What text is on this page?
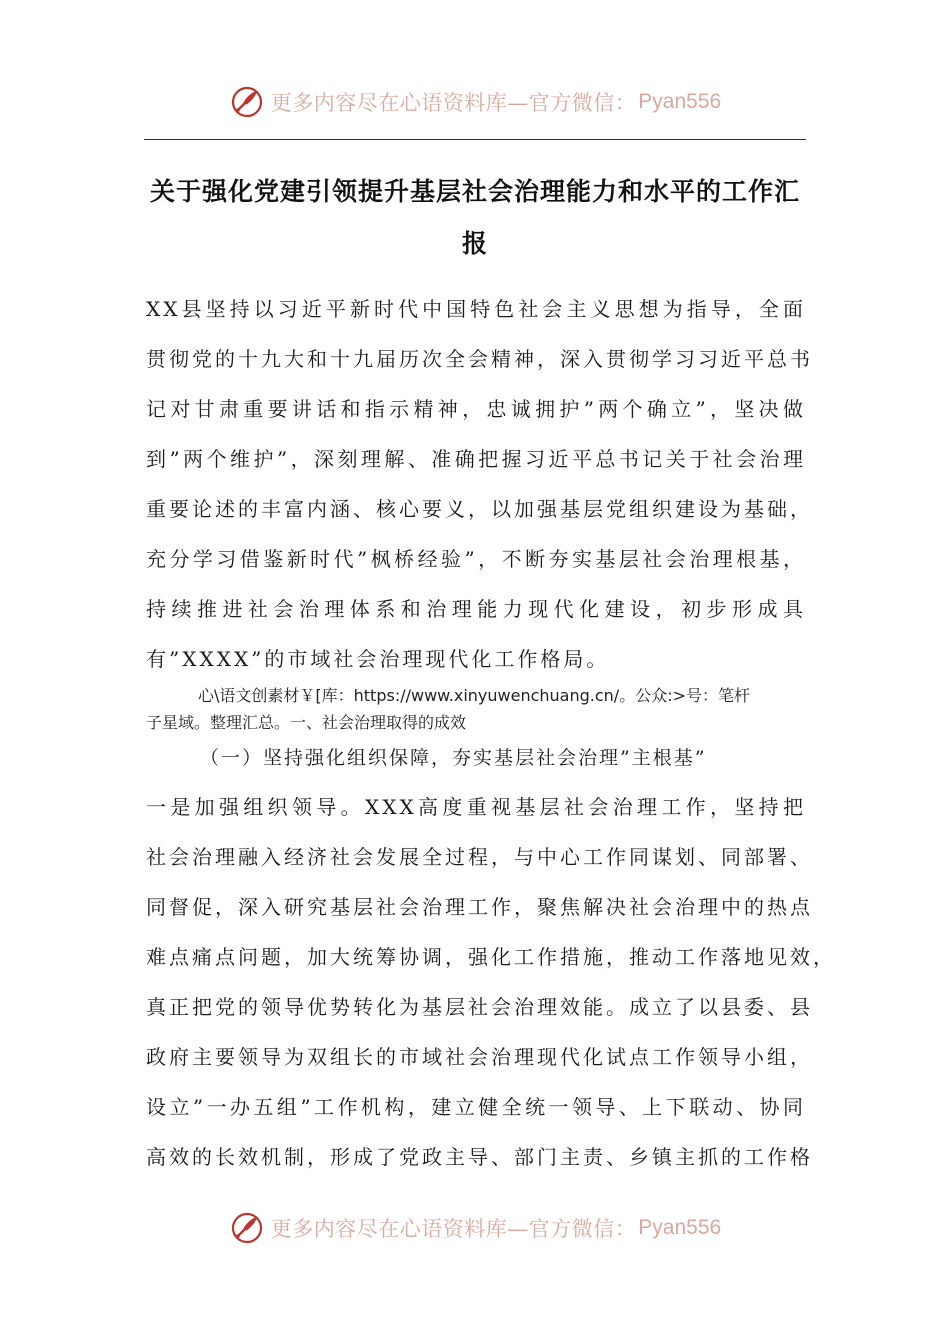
更多内容尽在心语资料库—官方微信： Pyan556
关于强化党建引领提升基层社会治理能力和水平的工作汇
报
XX县坚持以习近平新时代中国特色社会主义思想为指导，全面
贯彻党的十九大和十九届历次全会精神，深入贯彻学习习近平总书
记对甘肃重要讲话和指示精神，忠诚拥护”两个确立”，坚决做
到”两个维护”，深刻理解、准确把握习近平总书记关于社会治理
重要论述的丰富内涵、核心要义，以加强基层党组织建设为基础，
充分学习借鉴新时代”枫桥经验”，不断夯实基层社会治理根基，
持续推进社会治理体系和治理能力现代化建设，初步形成具
有”XXXX”的市域社会治理现代化工作格局。
心\语文创素材￥[库：https://www.xinyuwenchuang.cn/。公众:>号：笔杆
子星域。整理汇总。一、社会治理取得的成效
（一）坚持强化组织保障，夯实基层社会治理”主根基”
一是加强组织领导。XXX高度重视基层社会治理工作，坚持把
社会治理融入经济社会发展全过程，与中心工作同谋划、同部署、
同督促，深入研究基层社会治理工作，聚焦解决社会治理中的热点
难点痛点问题，加大统筹协调，强化工作措施，推动工作落地见效，
真正把党的领导优势转化为基层社会治理效能。成立了以县委、县
政府主要领导为双组长的市域社会治理现代化试点工作领导小组，
设立”一办五组”工作机构，建立健全统一领导、上下联动、协同
高效的长效机制，形成了党政主导、部门主责、乡镇主抓的工作格
更多内容尽在心语资料库—官方微信： Pyan556
